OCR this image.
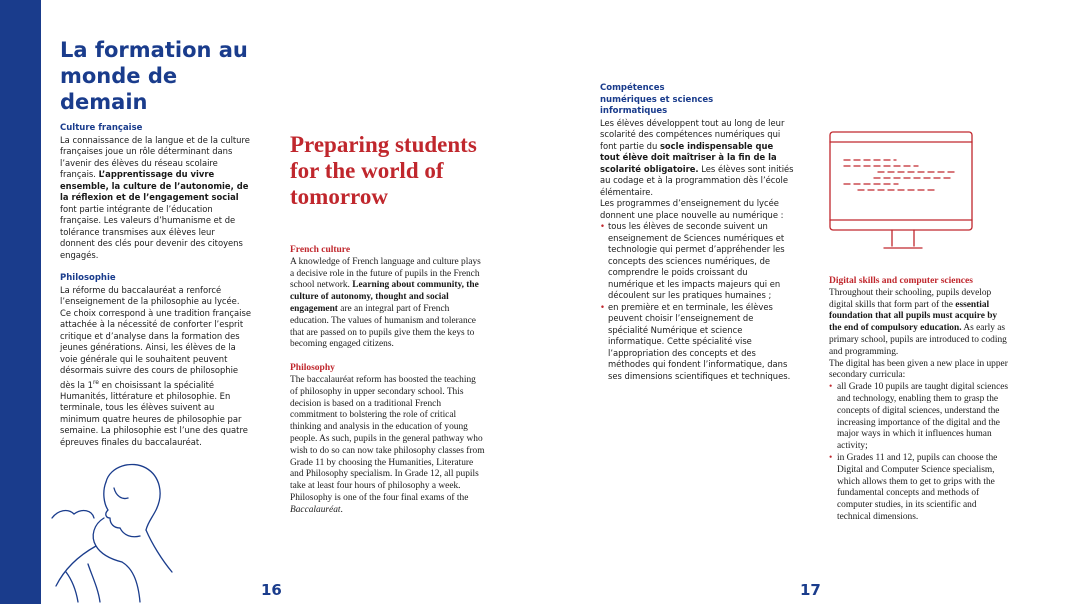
La formation au monde de demain

Culture française

La connaissance de la langue et de la culture françaises joue un rôle déterminant dans l’avenir des élèves du réseau scolaire français. L’apprentissage du vivre ensemble, la culture de l’autonomie, de la réflexion et de l’engagement social font partie intégrante de l’éducation française. Les valeurs d’humanisme et de tolérance transmises aux élèves leur donnent des clés pour devenir des citoyens engagés.

Philosophie

La réforme du baccalauréat a renforcé l’enseignement de la philosophie au lycée. Ce choix correspond à une tradition française attachée à la nécessité de conforter l’esprit critique et d’analyse dans la formation des jeunes générations. Ainsi, les élèves de la voie générale qui le souhaitent peuvent désormais suivre des cours de philosophie dès la 1re en choisissant la spécialité Humanités, littérature et philosophie. En terminale, tous les élèves suivent au minimum quatre heures de philosophie par semaine. La philosophie est l’une des quatre épreuves finales du baccalauréat.

Preparing students for the world of tomorrow

French culture

A knowledge of French language and culture plays a decisive role in the future of pupils in the French school network. Learning about community, the culture of autonomy, thought and social engagement are an integral part of French education. The values of humanism and tolerance that are passed on to pupils give them the keys to becoming engaged citizens.

Philosophy

The baccalauréat reform has boosted the teaching of philosophy in upper secondary school. This decision is based on a traditional French commitment to bolstering the role of critical thinking and analysis in the education of young people. As such, pupils in the general pathway who wish to do so can now take philosophy classes from Grade 11 by choosing the Humanities, Literature and Philosophy specialism. In Grade 12, all pupils take at least four hours of philosophy a week. Philosophy is one of the four final exams of the Baccalauréat.

16

Compétences numériques et sciences informatiques

Les élèves développent tout au long de leur scolarité des compétences numériques qui font partie du socle indispensable que tout élève doit maîtriser à la fin de la scolarité obligatoire. Les élèves sont initiés au codage et à la programmation dès l’école élémentaire.

Les programmes d’enseignement du lycée donnent une place nouvelle au numérique :

• tous les élèves de seconde suivent un enseignement de Sciences numériques et technologie qui permet d’appréhender les concepts des sciences numériques, de comprendre le poids croissant du numérique et les impacts majeurs qui en découlent sur les pratiques humaines ;
• en première et en terminale, les élèves peuvent choisir l’enseignement de spécialité Numérique et science informatique. Cette spécialité vise l’appropriation des concepts et des méthodes qui fondent l’informatique, dans ses dimensions scientifiques et techniques.

Digital skills and computer sciences

Throughout their schooling, pupils develop digital skills that form part of the essential foundation that all pupils must acquire by the end of compulsory education. As early as primary school, pupils are introduced to coding and programming.

The digital has been given a new place in upper secondary curricula:

• all Grade 10 pupils are taught digital sciences and technology, enabling them to grasp the concepts of digital sciences, understand the increasing importance of the digital and the major ways in which it influences human activity;
• in Grades 11 and 12, pupils can choose the Digital and Computer Science specialism, which allows them to get to grips with the fundamental concepts and methods of computer studies, in its scientific and technical dimensions.
17
